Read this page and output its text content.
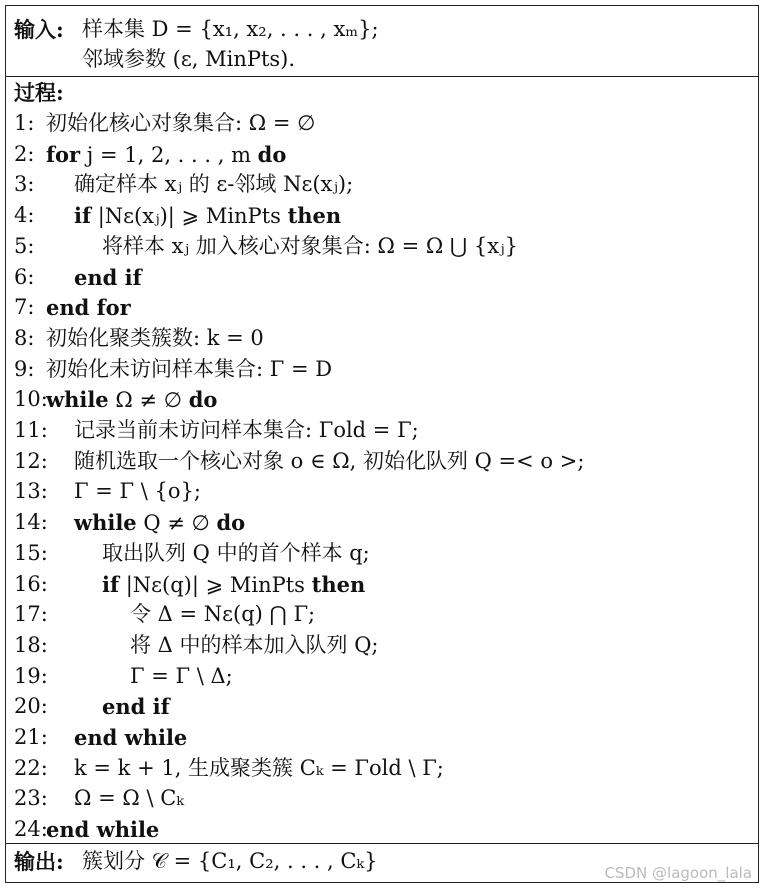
输入: 样本集 D = {x₁, x₂, . . . , xₘ};
邻域参数 (ε, MinPts).
过程:
1: 初始化核心对象集合: Ω = ∅
2: for j = 1, 2, . . . , m do
3:	确定样本 xⱼ 的 ε-邻域 Nε(xⱼ);
4:	if |Nε(xⱼ)| ⩾ MinPts then
5:	将样本 xⱼ 加入核心对象集合: Ω = Ω ⋃ {xⱼ}
6:	end if
7: end for
8: 初始化聚类簇数: k = 0
9: 初始化未访问样本集合: Γ = D
10:
while Ω ≠ ∅ do
11:	记录当前未访问样本集合: Γold = Γ;
12:	随机选取一个核心对象 o ∈ Ω, 初始化队列 Q =< o >;
13:	Γ = Γ \ {o};
14:	while Q ≠ ∅ do
15:	取出队列 Q 中的首个样本 q;
16:	if |Nε(q)| ⩾ MinPts then
17:	令 Δ = Nε(q) ⋂ Γ;
18:	将 Δ 中的样本加入队列 Q;
19:	Γ = Γ \ Δ;
20:	end if
21:	end while
22:	k = k + 1, 生成聚类簇 Cₖ = Γold \ Γ;
23:	Ω = Ω \ Cₖ
24:
end while
输出: 簇划分 𝒞 = {C₁, C₂, . . . , Cₖ}	CSDN @lagoon_lala
